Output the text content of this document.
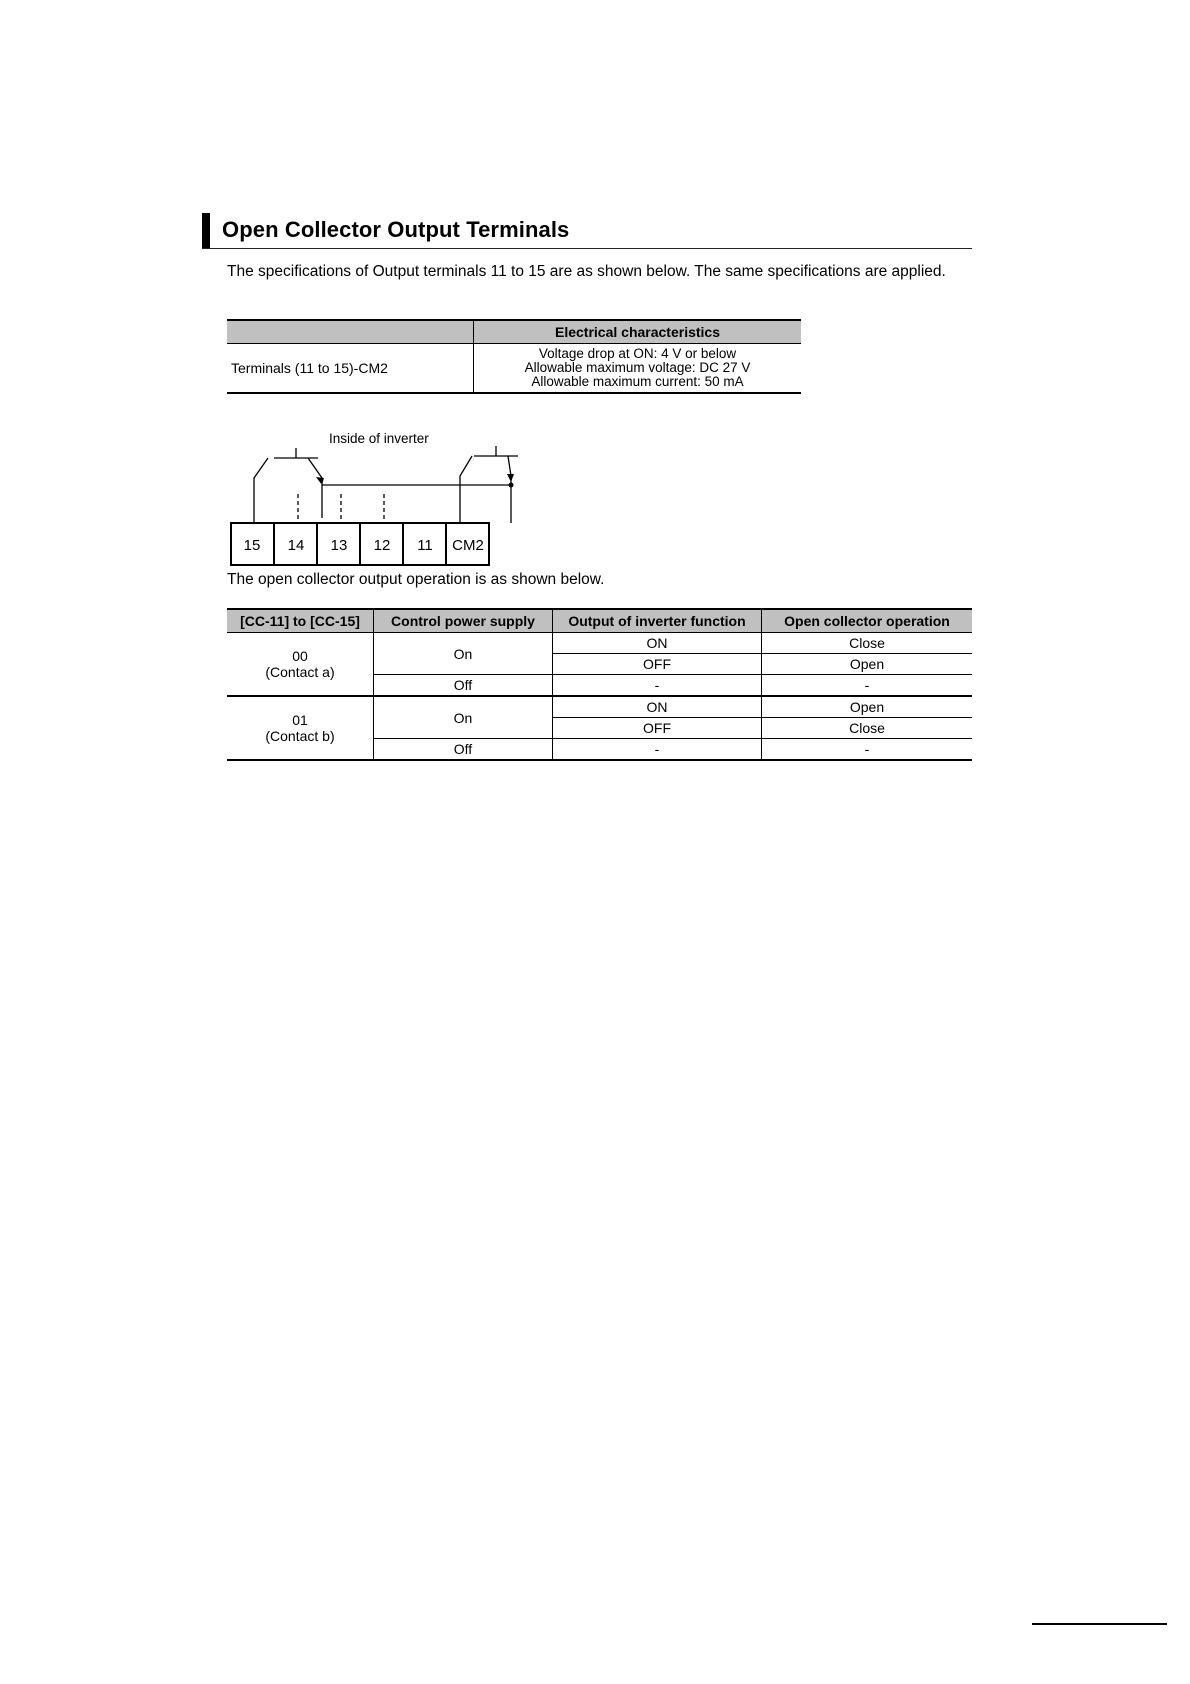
Open Collector Output Terminals
The specifications of Output terminals 11 to 15 are as shown below. The same specifications are applied.
	Electrical characteristics
Terminals (11 to 15)-CM2	Voltage drop at ON: 4 V or below
Allowable maximum voltage: DC 27 V
Allowable maximum current: 50 mA
Inside of inverter
15 14 13 12 11 CM2
The open collector output operation is as shown below.
[CC-11] to [CC-15]	Control power supply	Output of inverter function	Open collector operation

00
(Contact a)	On	ON	Close
		OFF	Open
	Off	-	-

01
(Contact b)	On	ON	Open
		OFF	Close
	Off	-	-
